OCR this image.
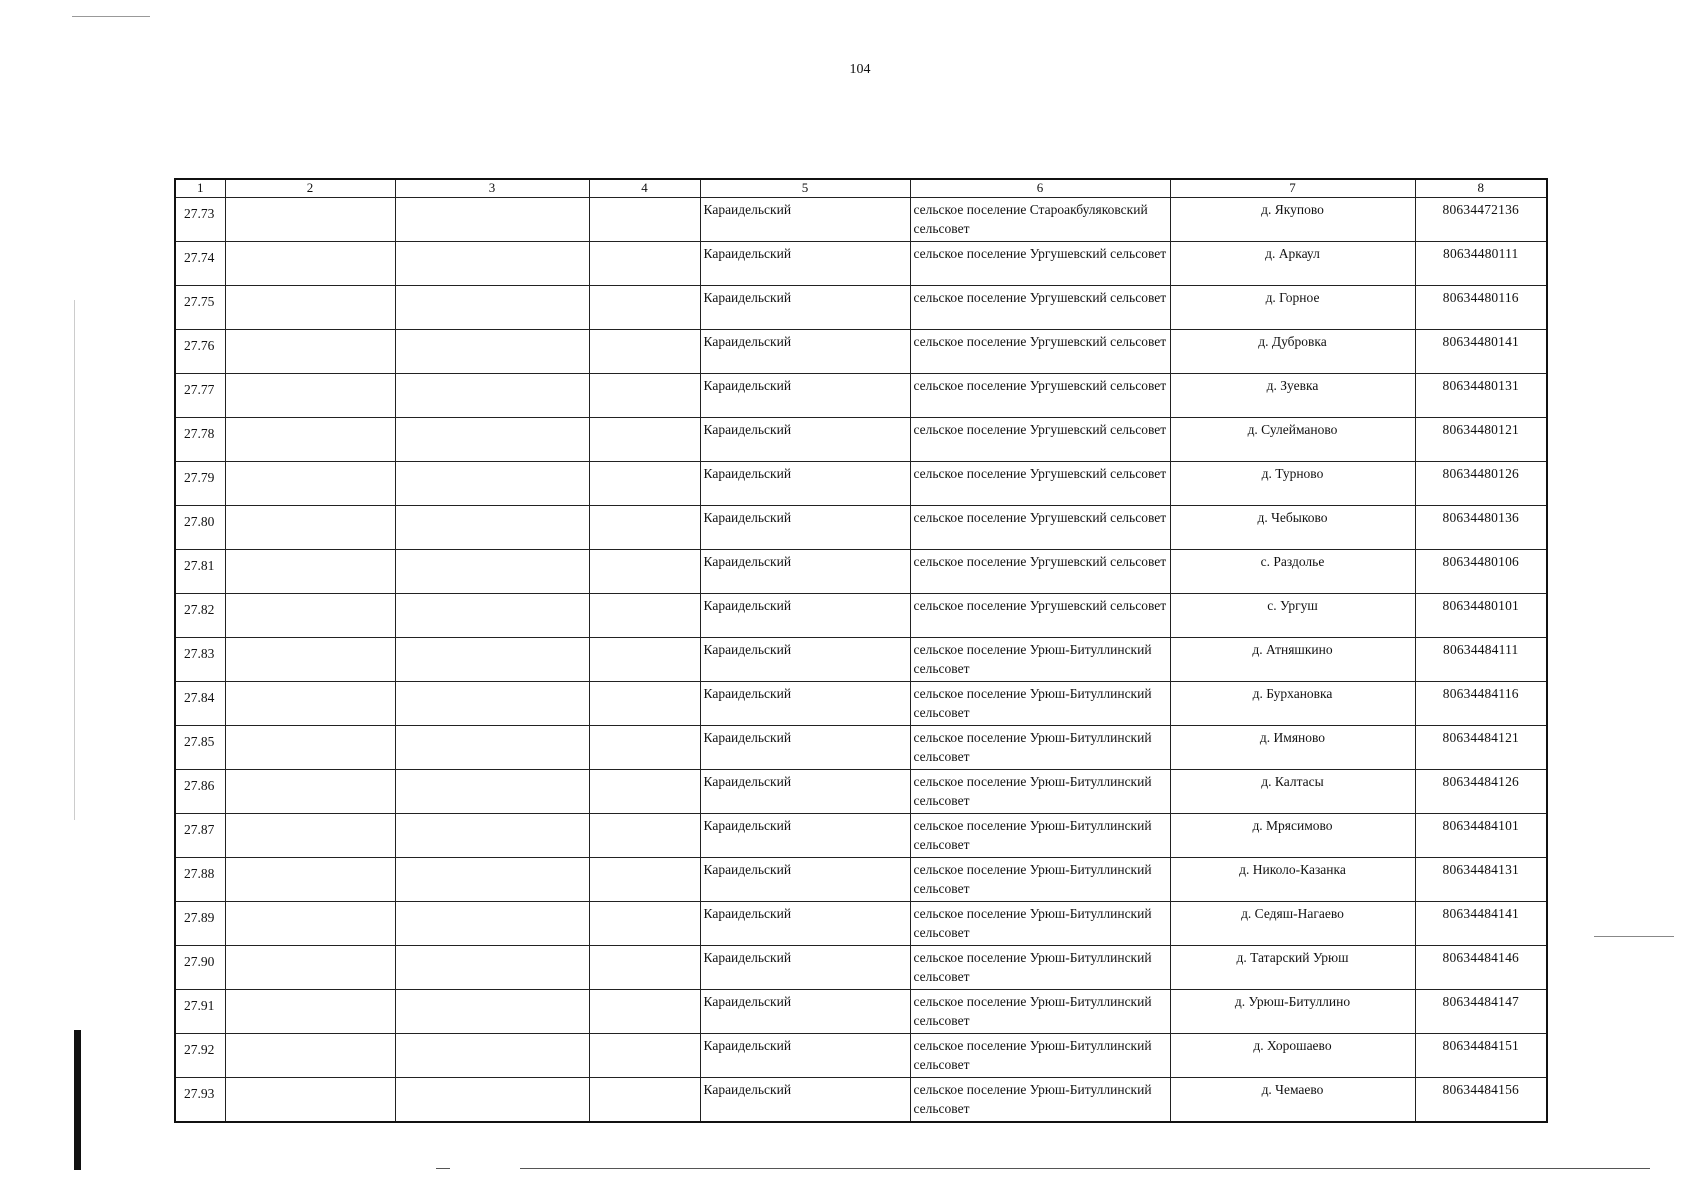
104
1	2	3	4	5	6	7	8
27.73				Караидельский	сельское поселение Староакбуляковский сельсовет	д. Якупово	80634472136
27.74				Караидельский	сельское поселение Ургушевский сельсовет	д. Аркаул	80634480111
27.75				Караидельский	сельское поселение Ургушевский сельсовет	д. Горное	80634480116
27.76				Караидельский	сельское поселение Ургушевский сельсовет	д. Дубровка	80634480141
27.77				Караидельский	сельское поселение Ургушевский сельсовет	д. Зуевка	80634480131
27.78				Караидельский	сельское поселение Ургушевский сельсовет	д. Сулейманово	80634480121
27.79				Караидельский	сельское поселение Ургушевский сельсовет	д. Турново	80634480126
27.80				Караидельский	сельское поселение Ургушевский сельсовет	д. Чебыково	80634480136
27.81				Караидельский	сельское поселение Ургушевский сельсовет	с. Раздолье	80634480106
27.82				Караидельский	сельское поселение Ургушевский сельсовет	с. Ургуш	80634480101
27.83				Караидельский	сельское поселение Урюш-Битуллинский сельсовет	д. Атняшкино	80634484111
27.84				Караидельский	сельское поселение Урюш-Битуллинский сельсовет	д. Бурхановка	80634484116
27.85				Караидельский	сельское поселение Урюш-Битуллинский сельсовет	д. Имяново	80634484121
27.86				Караидельский	сельское поселение Урюш-Битуллинский сельсовет	д. Калтасы	80634484126
27.87				Караидельский	сельское поселение Урюш-Битуллинский сельсовет	д. Мрясимово	80634484101
27.88				Караидельский	сельское поселение Урюш-Битуллинский сельсовет	д. Николо-Казанка	80634484131
27.89				Караидельский	сельское поселение Урюш-Битуллинский сельсовет	д. Седяш-Нагаево	80634484141
27.90				Караидельский	сельское поселение Урюш-Битуллинский сельсовет	д. Татарский Урюш	80634484146
27.91				Караидельский	сельское поселение Урюш-Битуллинский сельсовет	д. Урюш-Битуллино	80634484147
27.92				Караидельский	сельское поселение Урюш-Битуллинский сельсовет	д. Хорошаево	80634484151
27.93				Караидельский	сельское поселение Урюш-Битуллинский сельсовет	д. Чемаево	80634484156
